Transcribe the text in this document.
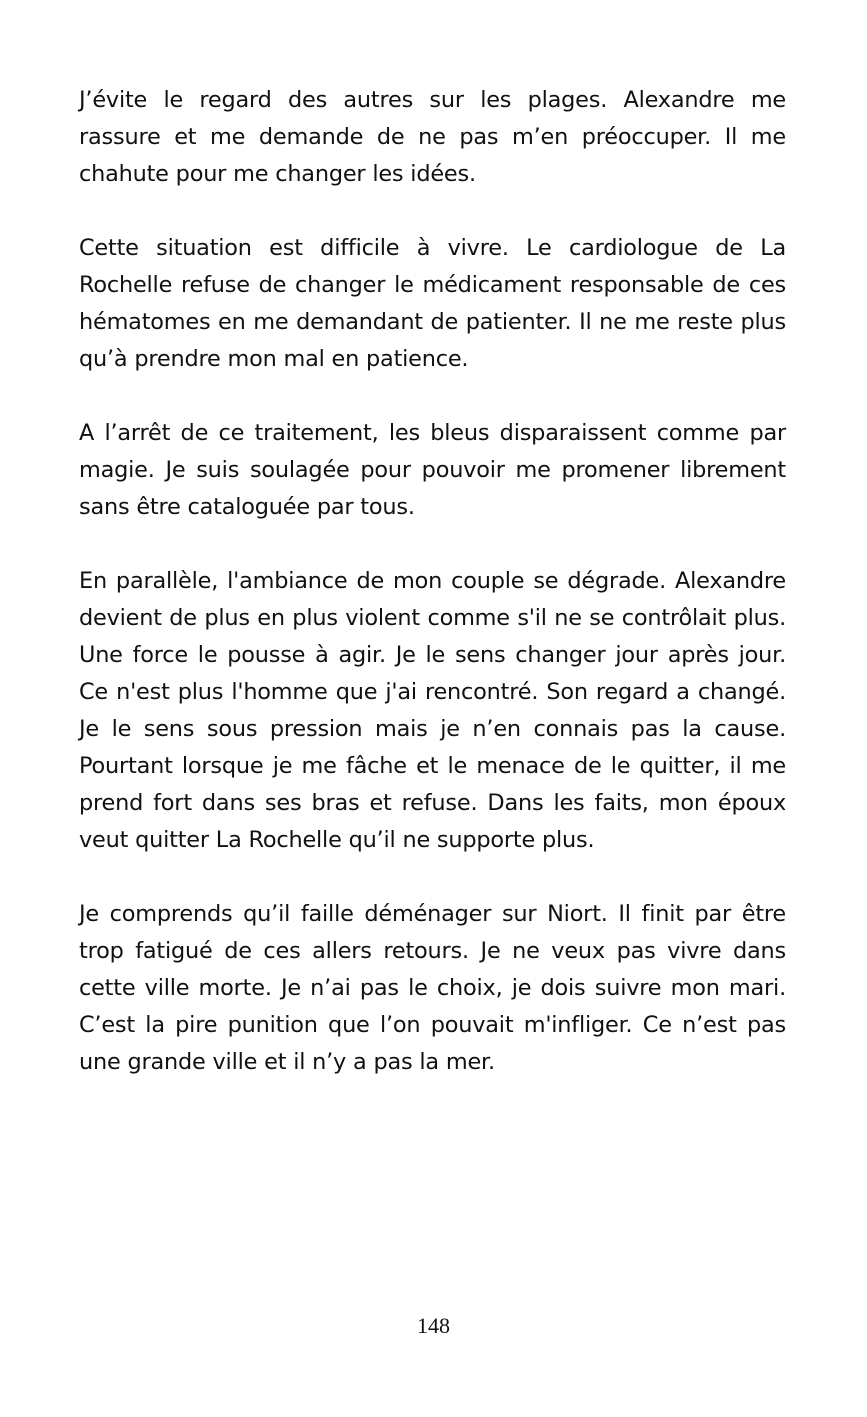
J’évite le regard des autres sur les plages. Alexandre me rassure et me demande de ne pas m’en préoccuper. Il me chahute pour me changer les idées.

Cette situation est difficile à vivre. Le cardiologue de La Rochelle refuse de changer le médicament responsable de ces hématomes en me demandant de patienter. Il ne me reste plus qu’à prendre mon mal en patience.

A l’arrêt de ce traitement, les bleus disparaissent comme par magie. Je suis soulagée pour pouvoir me promener librement sans être cataloguée par tous.

En parallèle, l'ambiance de mon couple se dégrade. Alexandre devient de plus en plus violent comme s'il ne se contrôlait plus. Une force le pousse à agir. Je le sens changer jour après jour. Ce n'est plus l'homme que j'ai rencontré. Son regard a changé. Je le sens sous pression mais je n’en connais pas la cause. Pourtant lorsque je me fâche et le menace de le quitter, il me prend fort dans ses bras et refuse. Dans les faits, mon époux veut quitter La Rochelle qu’il ne supporte plus.

Je comprends qu’il faille déménager sur Niort. Il finit par être trop fatigué de ces allers retours. Je ne veux pas vivre dans cette ville morte. Je n’ai pas le choix, je dois suivre mon mari. C’est la pire punition que l’on pouvait m'infliger. Ce n’est pas une grande ville et il n’y a pas la mer.

148
